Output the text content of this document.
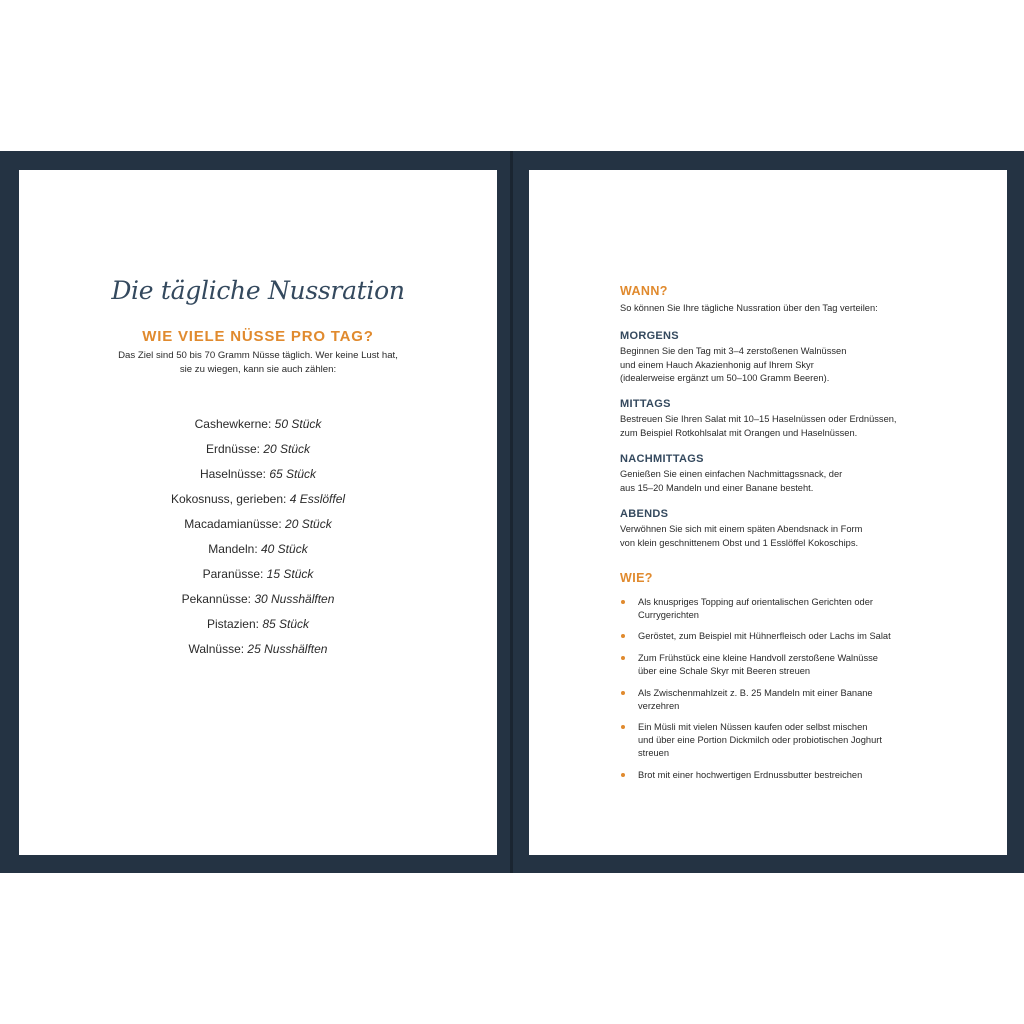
Die tägliche Nussration
WIE VIELE NÜSSE PRO TAG?
Das Ziel sind 50 bis 70 Gramm Nüsse täglich. Wer keine Lust hat,
sie zu wiegen, kann sie auch zählen:
Cashewkerne: 50 Stück
Erdnüsse: 20 Stück
Haselnüsse: 65 Stück
Kokosnuss, gerieben: 4 Esslöffel
Macadamianüsse: 20 Stück
Mandeln: 40 Stück
Paranüsse: 15 Stück
Pekannüsse: 30 Nusshälften
Pistazien: 85 Stück
Walnüsse: 25 Nusshälften
WANN?
So können Sie Ihre tägliche Nussration über den Tag verteilen:
MORGENS
Beginnen Sie den Tag mit 3–4 zerstoßenen Walnüssen
und einem Hauch Akazienhonig auf Ihrem Skyr
(idealerweise ergänzt um 50–100 Gramm Beeren).
MITTAGS
Bestreuen Sie Ihren Salat mit 10–15 Haselnüssen oder Erdnüssen,
zum Beispiel Rotkohlsalat mit Orangen und Haselnüssen.
NACHMITTAGS
Genießen Sie einen einfachen Nachmittagssnack, der
aus 15–20 Mandeln und einer Banane besteht.
ABENDS
Verwöhnen Sie sich mit einem späten Abendsnack in Form
von klein geschnittenem Obst und 1 Esslöffel Kokoschips.
WIE?
Als knuspriges Topping auf orientalischen Gerichten oder
Currygerichten
Geröstet, zum Beispiel mit Hühnerfleisch oder Lachs im Salat
Zum Frühstück eine kleine Handvoll zerstoßene Walnüsse
über eine Schale Skyr mit Beeren streuen
Als Zwischenmahlzeit z. B. 25 Mandeln mit einer Banane
verzehren
Ein Müsli mit vielen Nüssen kaufen oder selbst mischen
und über eine Portion Dickmilch oder probiotischen Joghurt
streuen
Brot mit einer hochwertigen Erdnussbutter bestreichen
